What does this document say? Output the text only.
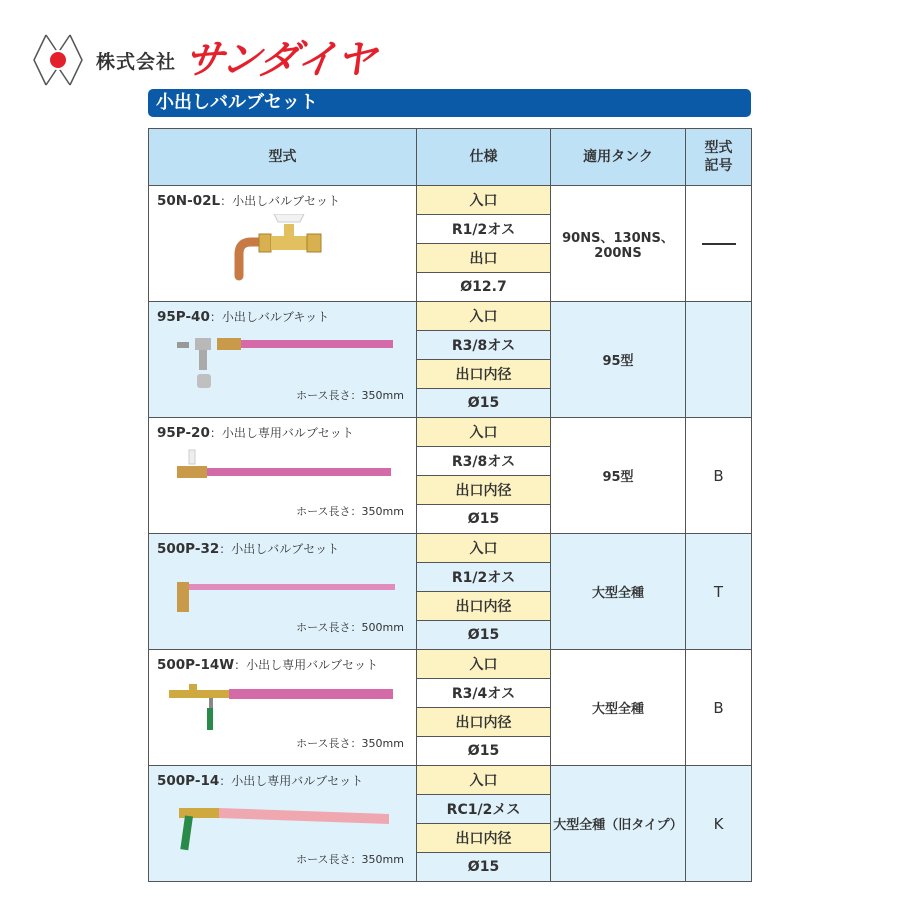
株式会社 サンダイヤ
小出しバルブセット
型式	仕様	適用タンク	型式
記号

50N-02L：小出しバルブセット	入口	90NS、130NS、
200NS	
	R1/2オス		
	出口		
	Ø12.7		

95P-40：小出しバルブキット
ホース長さ：350mm	入口	95型	
	R3/8オス		
	出口内径		
	Ø15		

95P-20：小出し専用バルブセット
ホース長さ：350mm	入口	95型	B
	R3/8オス		
	出口内径		
	Ø15		

500P-32：小出しバルブセット
ホース長さ：500mm	入口	大型全種	T
	R1/2オス		
	出口内径		
	Ø15		

500P-14W：小出し専用バルブセット
ホース長さ：350mm	入口	大型全種	B
	R3/4オス		
	出口内径		
	Ø15		

500P-14：小出し専用バルブセット
ホース長さ：350mm	入口	大型全種（旧タイプ）	K
	RC1/2メス		
	出口内径		
	Ø15		
